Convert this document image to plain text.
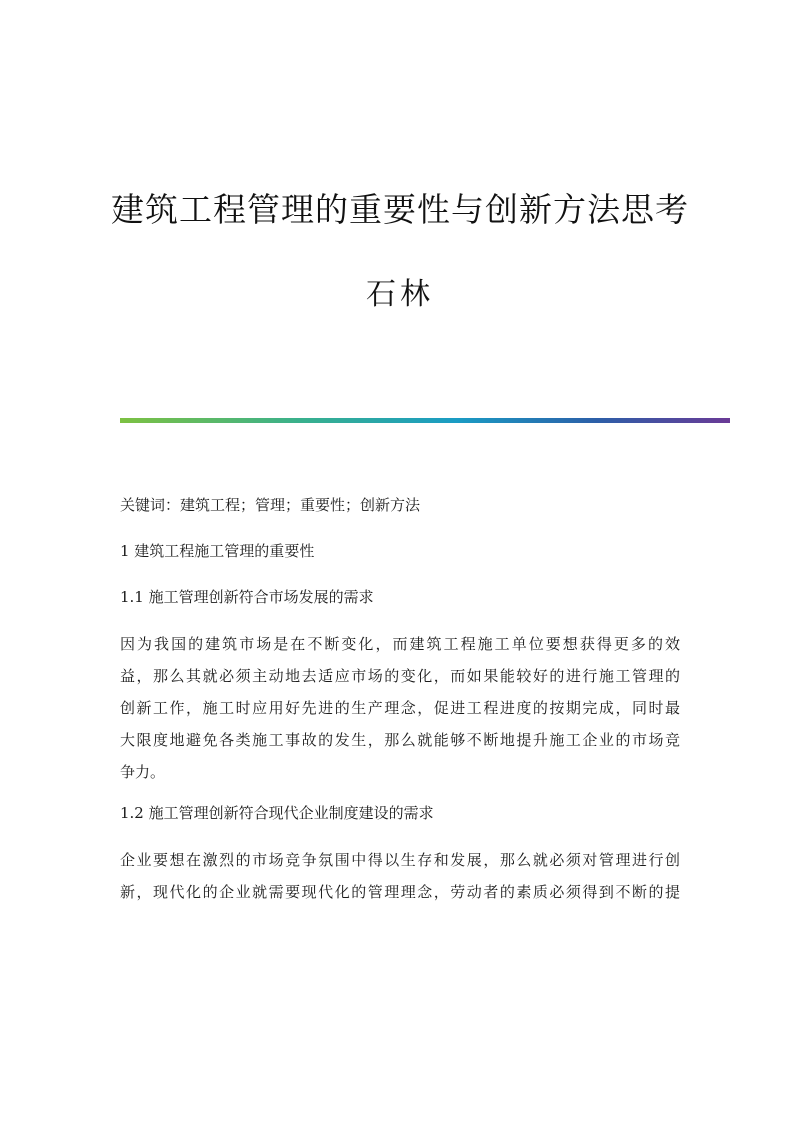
建筑工程管理的重要性与创新方法思考
石林

关键词：建筑工程；管理；重要性；创新方法

1 建筑工程施工管理的重要性

1.1 施工管理创新符合市场发展的需求

因为我国的建筑市场是在不断变化，而建筑工程施工单位要想获得更多的效
益，那么其就必须主动地去适应市场的变化，而如果能较好的进行施工管理的
创新工作，施工时应用好先进的生产理念，促进工程进度的按期完成，同时最
大限度地避免各类施工事故的发生，那么就能够不断地提升施工企业的市场竞
争力。

1.2 施工管理创新符合现代企业制度建设的需求

企业要想在激烈的市场竞争氛围中得以生存和发展，那么就必须对管理进行创
新，现代化的企业就需要现代化的管理理念，劳动者的素质必须得到不断的提
